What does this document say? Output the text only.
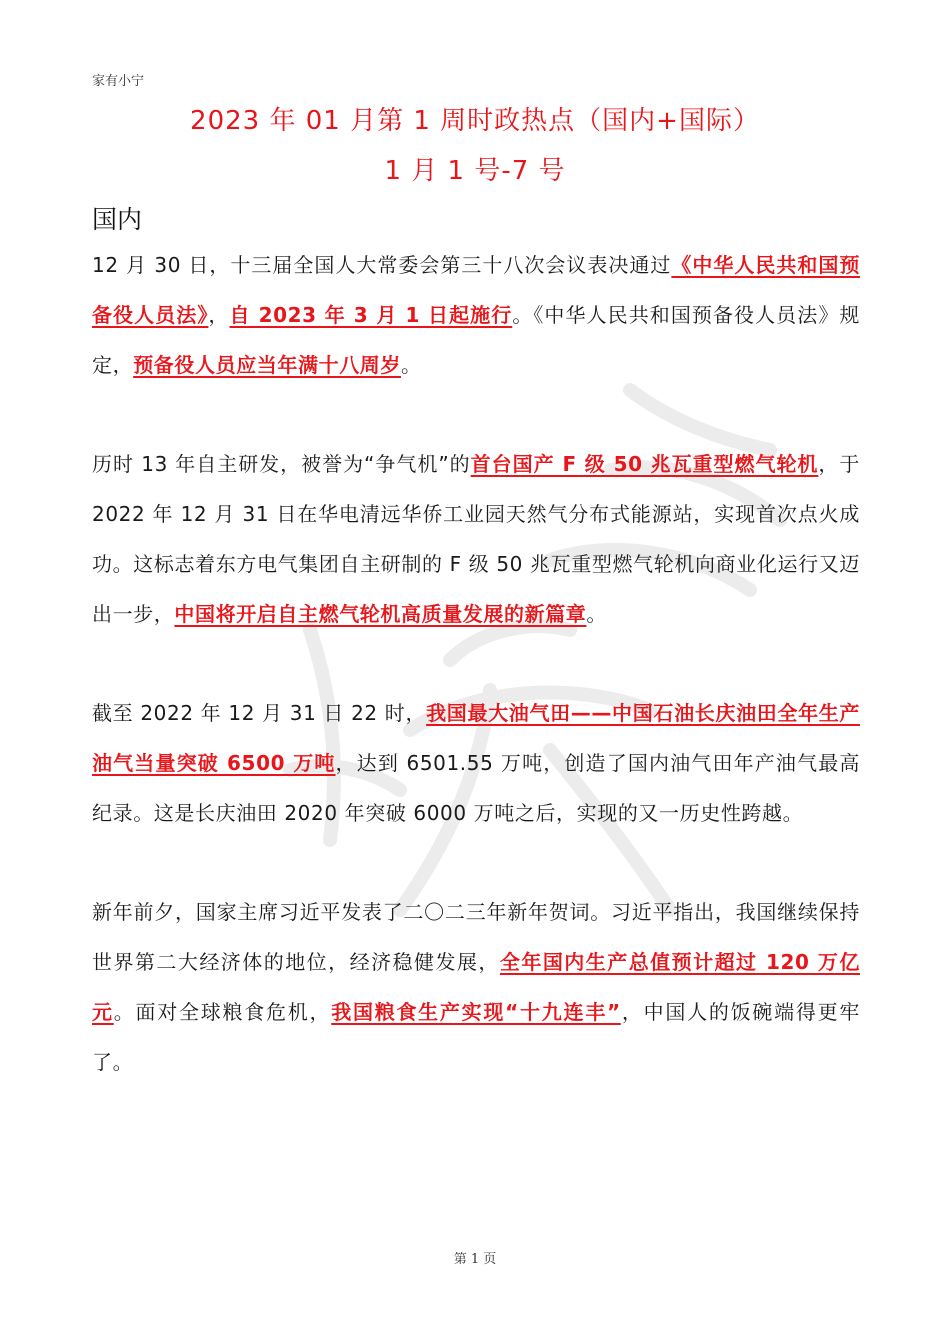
家有小宁
2023 年 01 月第 1 周时政热点（国内+国际）
1 月 1 号-7 号
国内

12 月 30 日，十三届全国人大常委会第三十八次会议表决通过《中华人民共和国预备役人员法》，自 2023 年 3 月 1 日起施行。《中华人民共和国预备役人员法》规定，预备役人员应当年满十八周岁。

历时 13 年自主研发，被誉为“争气机”的首台国产 F 级 50 兆瓦重型燃气轮机，于 2022 年 12 月 31 日在华电清远华侨工业园天然气分布式能源站，实现首次点火成功。这标志着东方电气集团自主研制的 F 级 50 兆瓦重型燃气轮机向商业化运行又迈出一步，中国将开启自主燃气轮机高质量发展的新篇章。

截至 2022 年 12 月 31 日 22 时，我国最大油气田——中国石油长庆油田全年生产油气当量突破 6500 万吨，达到 6501.55 万吨，创造了国内油气田年产油气最高纪录。这是长庆油田 2020 年突破 6000 万吨之后，实现的又一历史性跨越。

新年前夕，国家主席习近平发表了二〇二三年新年贺词。习近平指出，我国继续保持世界第二大经济体的地位，经济稳健发展，全年国内生产总值预计超过 120 万亿元。面对全球粮食危机，我国粮食生产实现“十九连丰”，中国人的饭碗端得更牢了。

第 1 页
